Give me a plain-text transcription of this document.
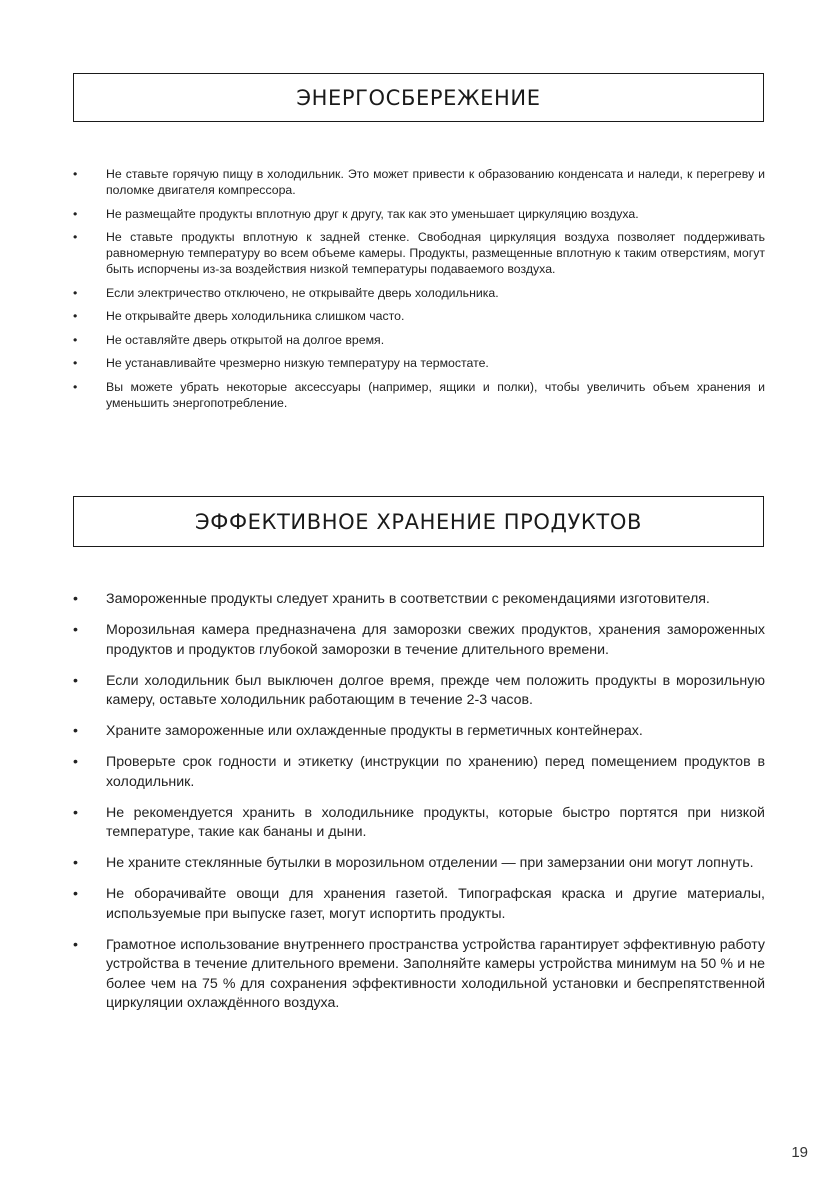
ЭНЕРГОСБЕРЕЖЕНИЕ
• Не ставьте горячую пищу в холодильник. Это может привести к образованию конденсата и наледи, к перегреву и поломке двигателя компрессора.
• Не размещайте продукты вплотную друг к другу, так как это уменьшает циркуляцию воздуха.
• Не ставьте продукты вплотную к задней стенке. Свободная циркуляция воздуха позволяет поддерживать равномерную температуру во всем объеме камеры. Продукты, размещенные вплотную к таким отверстиям, могут быть испорчены из-за воздействия низкой температуры подаваемого воздуха.
• Если электричество отключено, не открывайте дверь холодильника.
• Не открывайте дверь холодильника слишком часто.
• Не оставляйте дверь открытой на долгое время.
• Не устанавливайте чрезмерно низкую температуру на термостате.
• Вы можете убрать некоторые аксессуары (например, ящики и полки), чтобы увеличить объем хранения и уменьшить энергопотребление.
ЭФФЕКТИВНОЕ ХРАНЕНИЕ ПРОДУКТОВ
• Замороженные продукты следует хранить в соответствии с рекомендациями изготовителя.
• Морозильная камера предназначена для заморозки свежих продуктов, хранения замороженных продуктов и продуктов глубокой заморозки в течение длительного времени.
• Если холодильник был выключен долгое время, прежде чем положить продукты в морозильную камеру, оставьте холодильник работающим в течение 2-3 часов.
• Храните замороженные или охлажденные продукты в герметичных контейнерах.
• Проверьте срок годности и этикетку (инструкции по хранению) перед помещением продуктов в холодильник.
• Не рекомендуется хранить в холодильнике продукты, которые быстро портятся при низкой температуре, такие как бананы и дыни.
• Не храните стеклянные бутылки в морозильном отделении — при замерзании они могут лопнуть.
• Не оборачивайте овощи для хранения газетой. Типографская краска и другие материалы, используемые при выпуске газет, могут испортить продукты.
• Грамотное использование внутреннего пространства устройства гарантирует эффективную работу устройства в течение длительного времени. Заполняйте камеры устройства минимум на 50 % и не более чем на 75 % для сохранения эффективности холодильной установки и беспрепятственной циркуляции охлаждённого воздуха.
19
